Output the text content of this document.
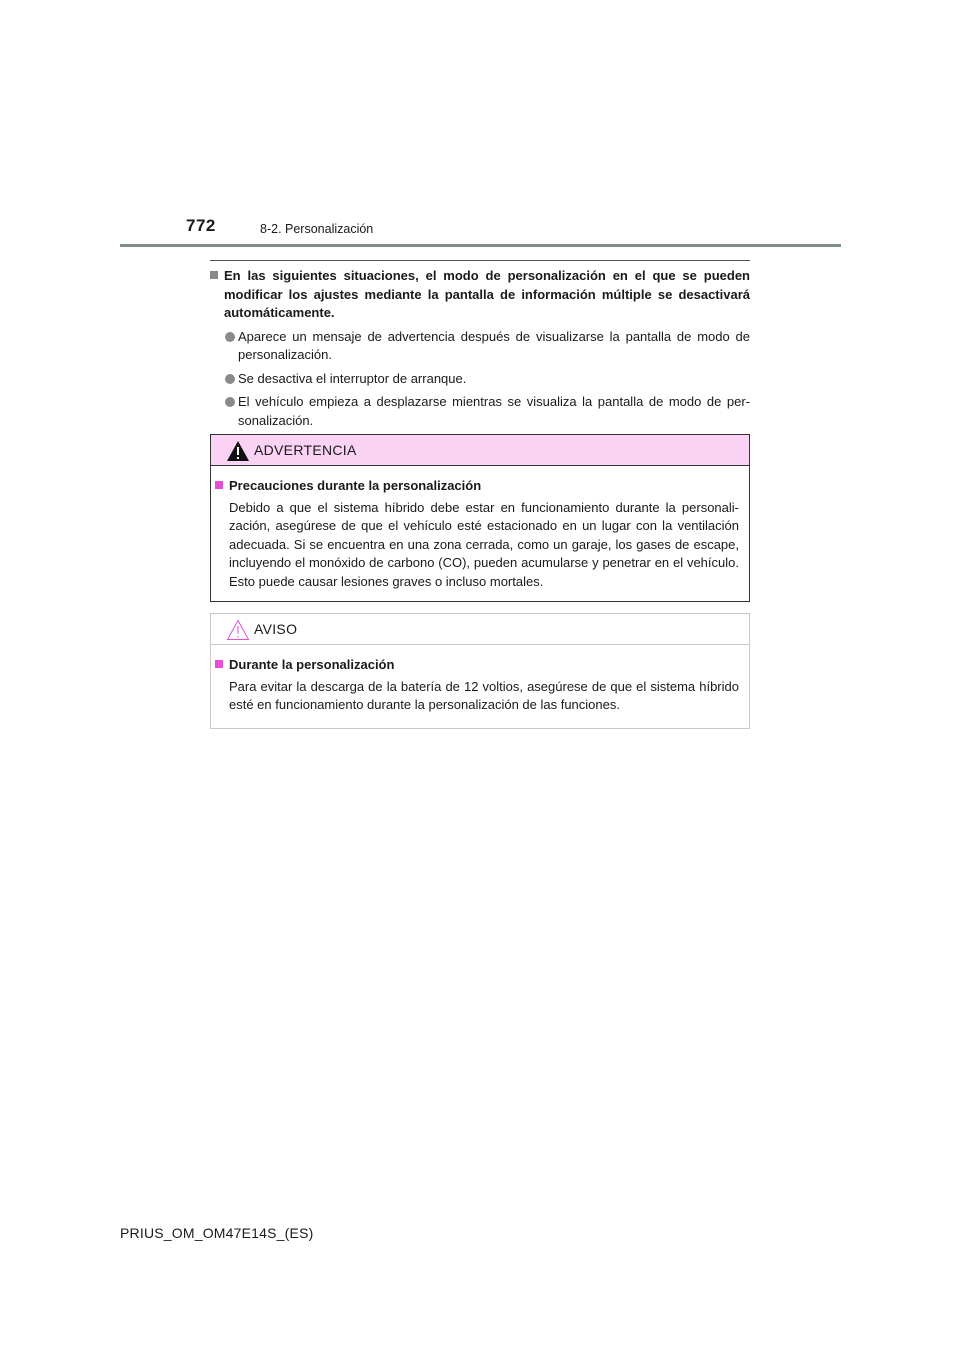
772	8-2. Personalización
En las siguientes situaciones, el modo de personalización en el que se pueden modificar los ajustes mediante la pantalla de información múltiple se desactivará automáticamente.
Aparece un mensaje de advertencia después de visualizarse la pantalla de modo de personalización.
Se desactiva el interruptor de arranque.
El vehículo empieza a desplazarse mientras se visualiza la pantalla de modo de per-sonalización.
ADVERTENCIA
Precauciones durante la personalización
Debido a que el sistema híbrido debe estar en funcionamiento durante la personali-zación, asegúrese de que el vehículo esté estacionado en un lugar con la ventilación adecuada. Si se encuentra en una zona cerrada, como un garaje, los gases de escape, incluyendo el monóxido de carbono (CO), pueden acumularse y penetrar en el vehículo. Esto puede causar lesiones graves o incluso mortales.
AVISO
Durante la personalización
Para evitar la descarga de la batería de 12 voltios, asegúrese de que el sistema híbrido esté en funcionamiento durante la personalización de las funciones.
PRIUS_OM_OM47E14S_(ES)
